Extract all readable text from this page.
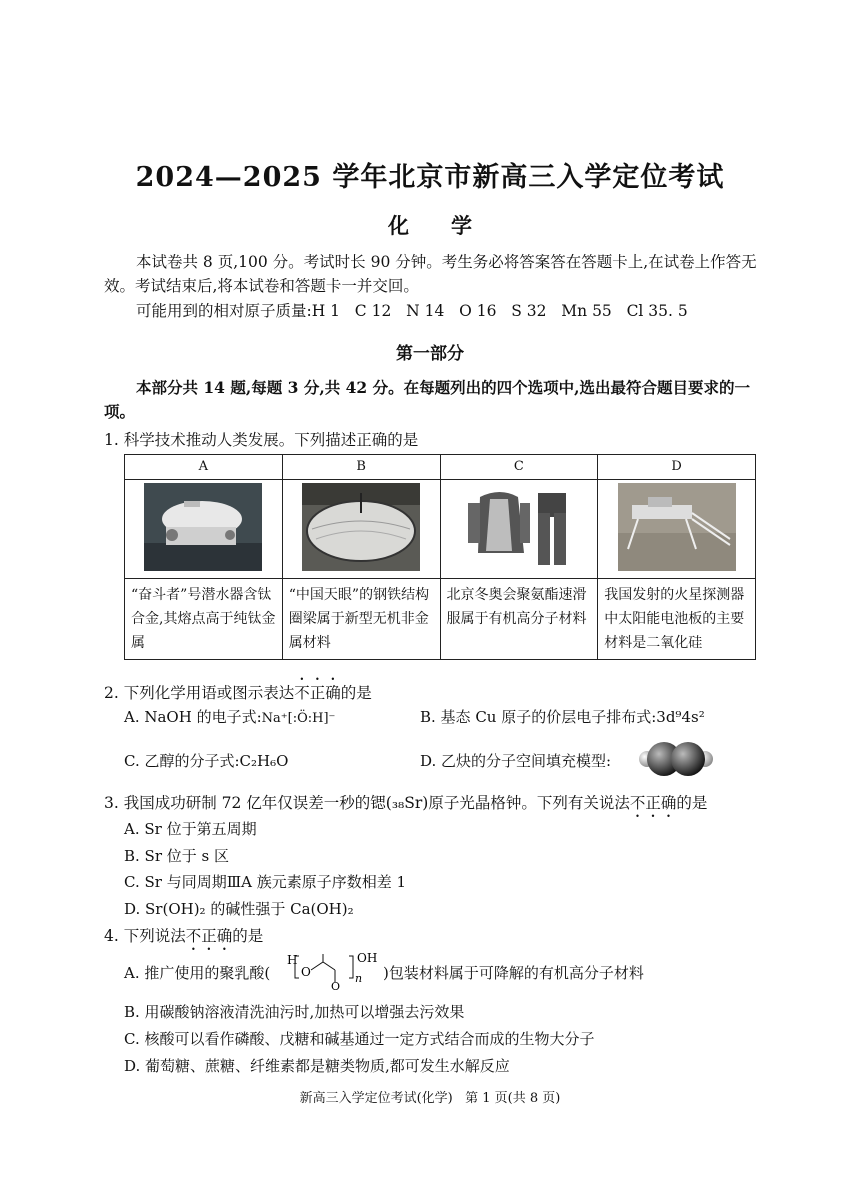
2024—2025 学年北京市新高三入学定位考试
化学
本试卷共 8 页,100 分。考试时长 90 分钟。考生务必将答案答在答题卡上,在试卷上作答无效。考试结束后,将本试卷和答题卡一并交回。
可能用到的相对原子质量:H 1   C 12   N 14   O 16   S 32   Mn 55   Cl 35. 5
第一部分
本部分共 14 题,每题 3 分,共 42 分。在每题列出的四个选项中,选出最符合题目要求的一项。
1. 科学技术推动人类发展。下列描述正确的是
A	B	C	D

“奋斗者”号潜水器含钛合金,其熔点高于纯钛金属	“中国天眼”的钢铁结构圈梁属于新型无机非金属材料	北京冬奥会聚氨酯速滑服属于有机高分子材料	我国发射的火星探测器中太阳能电池板的主要材料是二氧化硅
2. 下列化学用语或图示表达不正确的是
A. NaOH 的电子式:Na⁺[:Ö:H]⁻	B. 基态 Cu 原子的价层电子排布式:3d⁹4s²
C. 乙醇的分子式:C₂H₆O	D. 乙炔的分子空间填充模型:
3. 我国成功研制 72 亿年仅误差一秒的锶(₃₈Sr)原子光晶格钟。下列有关说法不正确的是
A. Sr 位于第五周期
B. Sr 位于 s 区
C. Sr 与同周期ⅢA 族元素原子序数相差 1
D. Sr(OH)₂ 的碱性强于 Ca(OH)₂
4. 下列说法不正确的是
A. 推广使用的聚乳酸(
H
O
O
n
OH
)包装材料属于可降解的有机高分子材料
B. 用碳酸钠溶液清洗油污时,加热可以增强去污效果
C. 核酸可以看作磷酸、戊糖和碱基通过一定方式结合而成的生物大分子
D. 葡萄糖、蔗糖、纤维素都是糖类物质,都可发生水解反应
新高三入学定位考试(化学)   第 1 页(共 8 页)
